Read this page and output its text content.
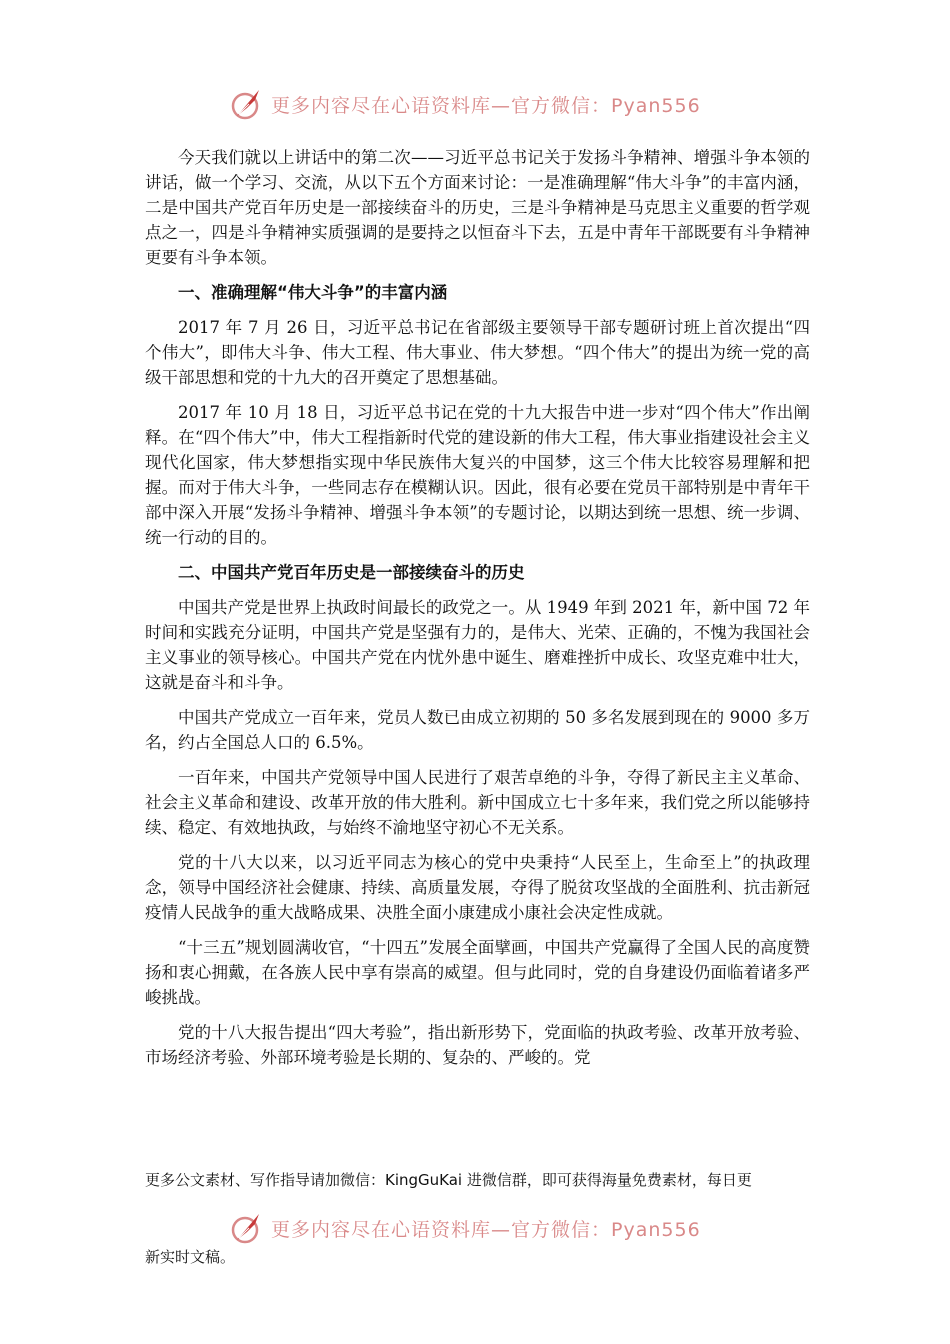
更多内容尽在心语资料库—官方微信：Pyan556

今天我们就以上讲话中的第二次——习近平总书记关于发扬斗争精神、增强斗争本领的讲话，做一个学习、交流，从以下五个方面来讨论：一是准确理解“伟大斗争”的丰富内涵，二是中国共产党百年历史是一部接续奋斗的历史，三是斗争精神是马克思主义重要的哲学观点之一，四是斗争精神实质强调的是要持之以恒奋斗下去，五是中青年干部既要有斗争精神更要有斗争本领。

一、准确理解“伟大斗争”的丰富内涵

2017 年 7 月 26 日，习近平总书记在省部级主要领导干部专题研讨班上首次提出“四个伟大”，即伟大斗争、伟大工程、伟大事业、伟大梦想。“四个伟大”的提出为统一党的高级干部思想和党的十九大的召开奠定了思想基础。

2017 年 10 月 18 日，习近平总书记在党的十九大报告中进一步对“四个伟大”作出阐释。在“四个伟大”中，伟大工程指新时代党的建设新的伟大工程，伟大事业指建设社会主义现代化国家，伟大梦想指实现中华民族伟大复兴的中国梦，这三个伟大比较容易理解和把握。而对于伟大斗争，一些同志存在模糊认识。因此，很有必要在党员干部特别是中青年干部中深入开展“发扬斗争精神、增强斗争本领”的专题讨论，以期达到统一思想、统一步调、统一行动的目的。

二、中国共产党百年历史是一部接续奋斗的历史

中国共产党是世界上执政时间最长的政党之一。从 1949 年到 2021 年，新中国 72 年时间和实践充分证明，中国共产党是坚强有力的，是伟大、光荣、正确的，不愧为我国社会主义事业的领导核心。中国共产党在内忧外患中诞生、磨难挫折中成长、攻坚克难中壮大，这就是奋斗和斗争。

中国共产党成立一百年来，党员人数已由成立初期的 50 多名发展到现在的 9000 多万名，约占全国总人口的 6.5%。

一百年来，中国共产党领导中国人民进行了艰苦卓绝的斗争，夺得了新民主主义革命、社会主义革命和建设、改革开放的伟大胜利。新中国成立七十多年来，我们党之所以能够持续、稳定、有效地执政，与始终不渝地坚守初心不无关系。

党的十八大以来，以习近平同志为核心的党中央秉持“人民至上，生命至上”的执政理念，领导中国经济社会健康、持续、高质量发展，夺得了脱贫攻坚战的全面胜利、抗击新冠疫情人民战争的重大战略成果、决胜全面小康建成小康社会决定性成就。

“十三五”规划圆满收官，“十四五”发展全面擘画，中国共产党赢得了全国人民的高度赞扬和衷心拥戴，在各族人民中享有崇高的威望。但与此同时，党的自身建设仍面临着诸多严峻挑战。

党的十八大报告提出“四大考验”，指出新形势下，党面临的执政考验、改革开放考验、市场经济考验、外部环境考验是长期的、复杂的、严峻的。党

更多公文素材、写作指导请加微信：KingGuKai 进微信群，即可获得海量免费素材，每日更
更多内容尽在心语资料库—官方微信：Pyan556
新实时文稿。
